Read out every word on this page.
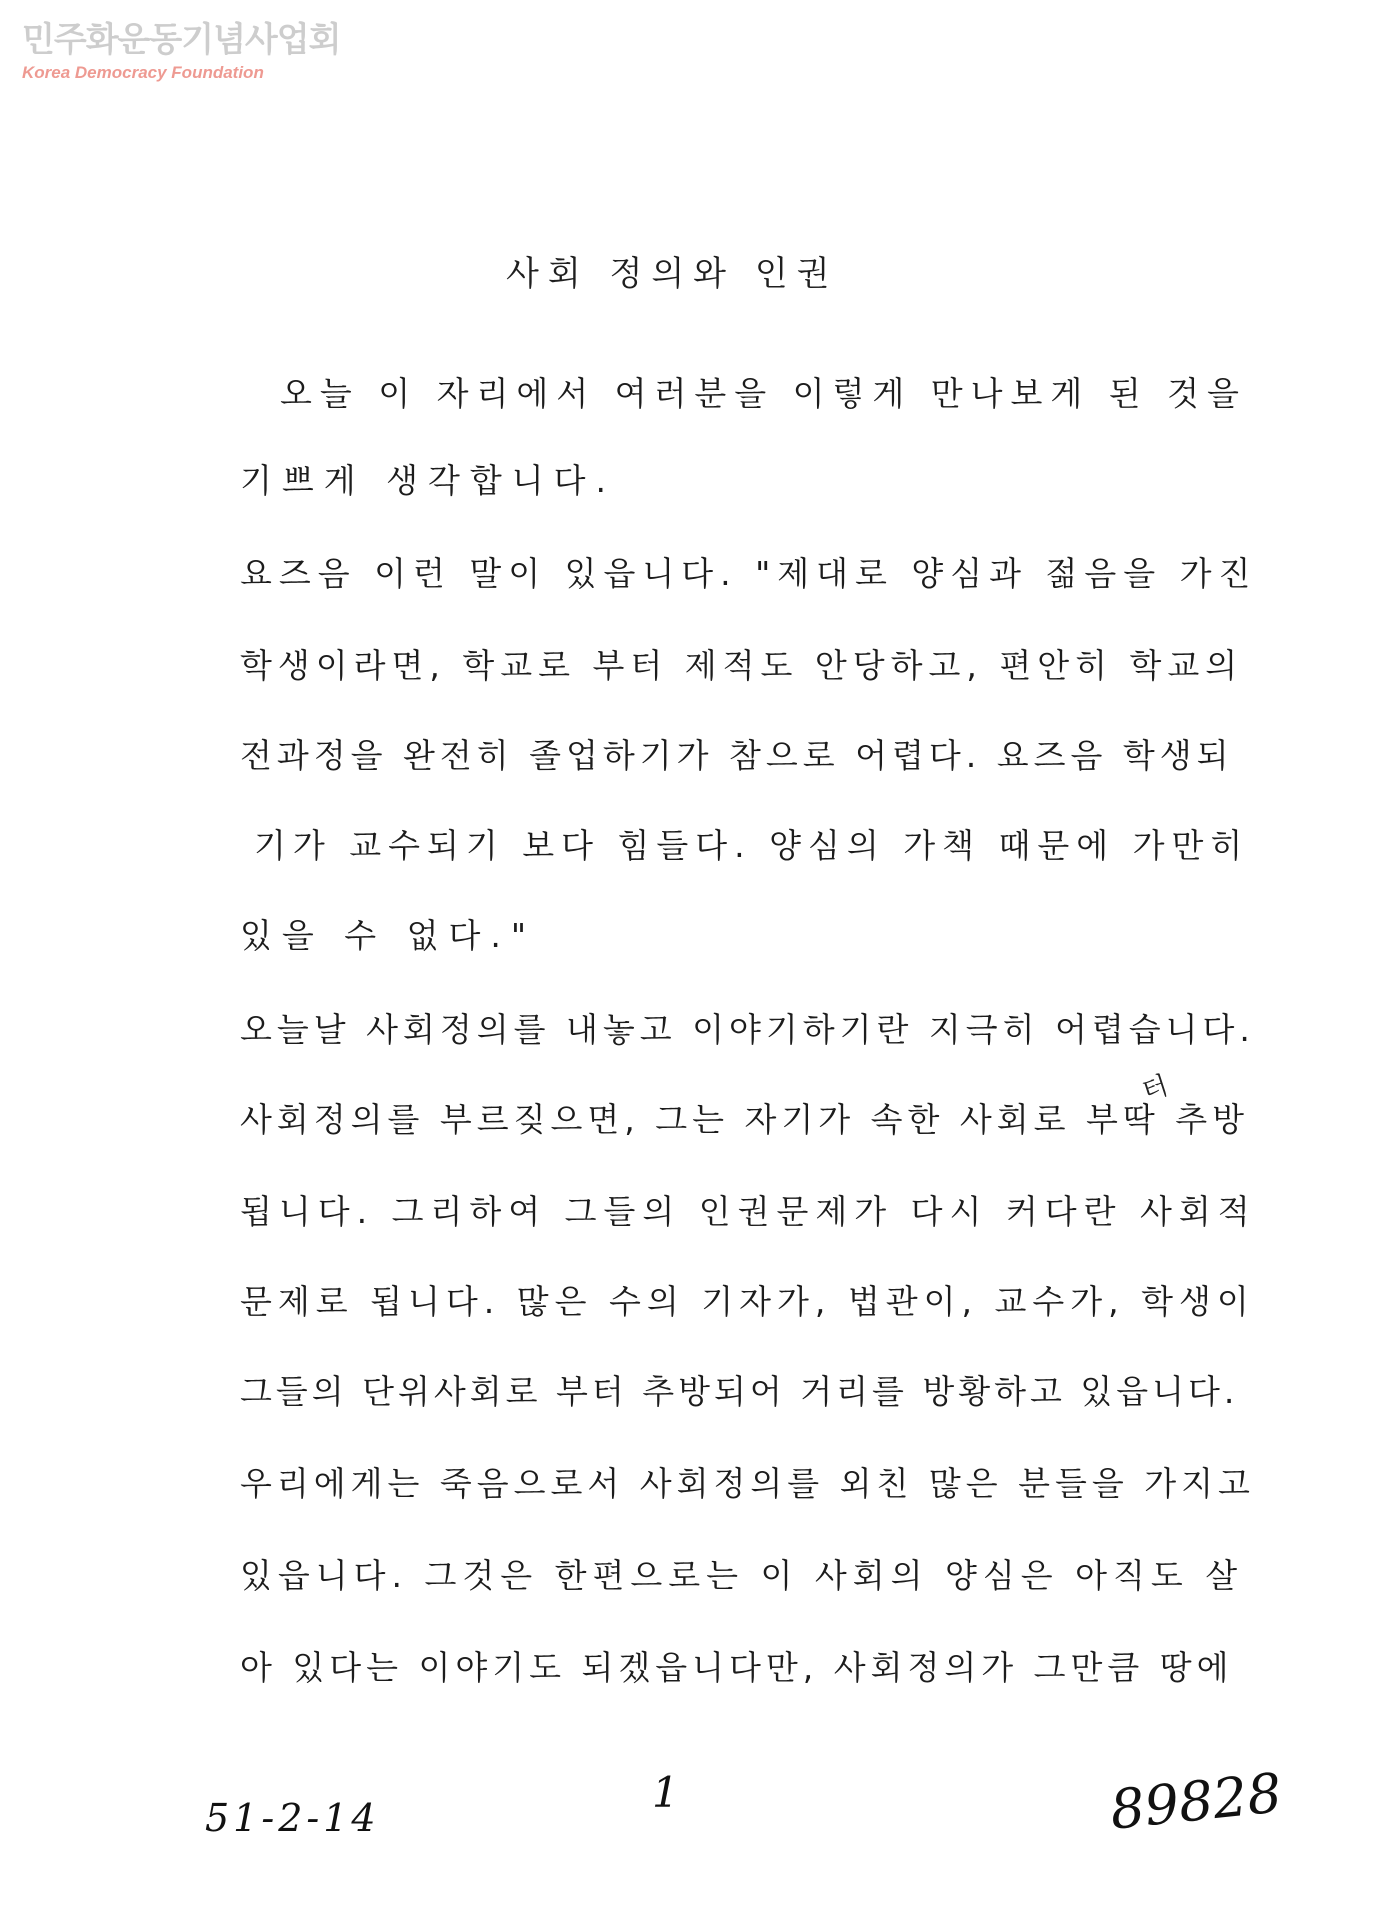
민주화운동기념사업회
Korea Democracy Foundation
사회 정의와 인권
오늘 이 자리에서 여러분을 이렇게 만나보게 된 것을
기쁘게 생각합니다.
요즈음 이런 말이 있읍니다. "제대로 양심과 젊음을 가진
학생이라면, 학교로 부터 제적도 안당하고, 편안히 학교의
전과정을 완전히 졸업하기가 참으로 어렵다. 요즈음 학생되
기가 교수되기 보다 힘들다. 양심의 가책 때문에 가만히
있을 수 없다."
오늘날 사회정의를 내놓고 이야기하기란 지극히 어렵습니다.
사회정의를 부르짖으면, 그는 자기가 속한 사회로 부딱 추방
됩니다. 그리하여 그들의 인권문제가 다시 커다란 사회적
문제로 됩니다. 많은 수의 기자가, 법관이, 교수가, 학생이
그들의 단위사회로 부터 추방되어 거리를 방황하고 있읍니다.
우리에게는 죽음으로서 사회정의를 외친 많은 분들을 가지고
있읍니다. 그것은 한편으로는 이 사회의 양심은 아직도 살
아 있다는 이야기도 되겠읍니다만, 사회정의가 그만큼 땅에
터
51-2-14
1	89828
